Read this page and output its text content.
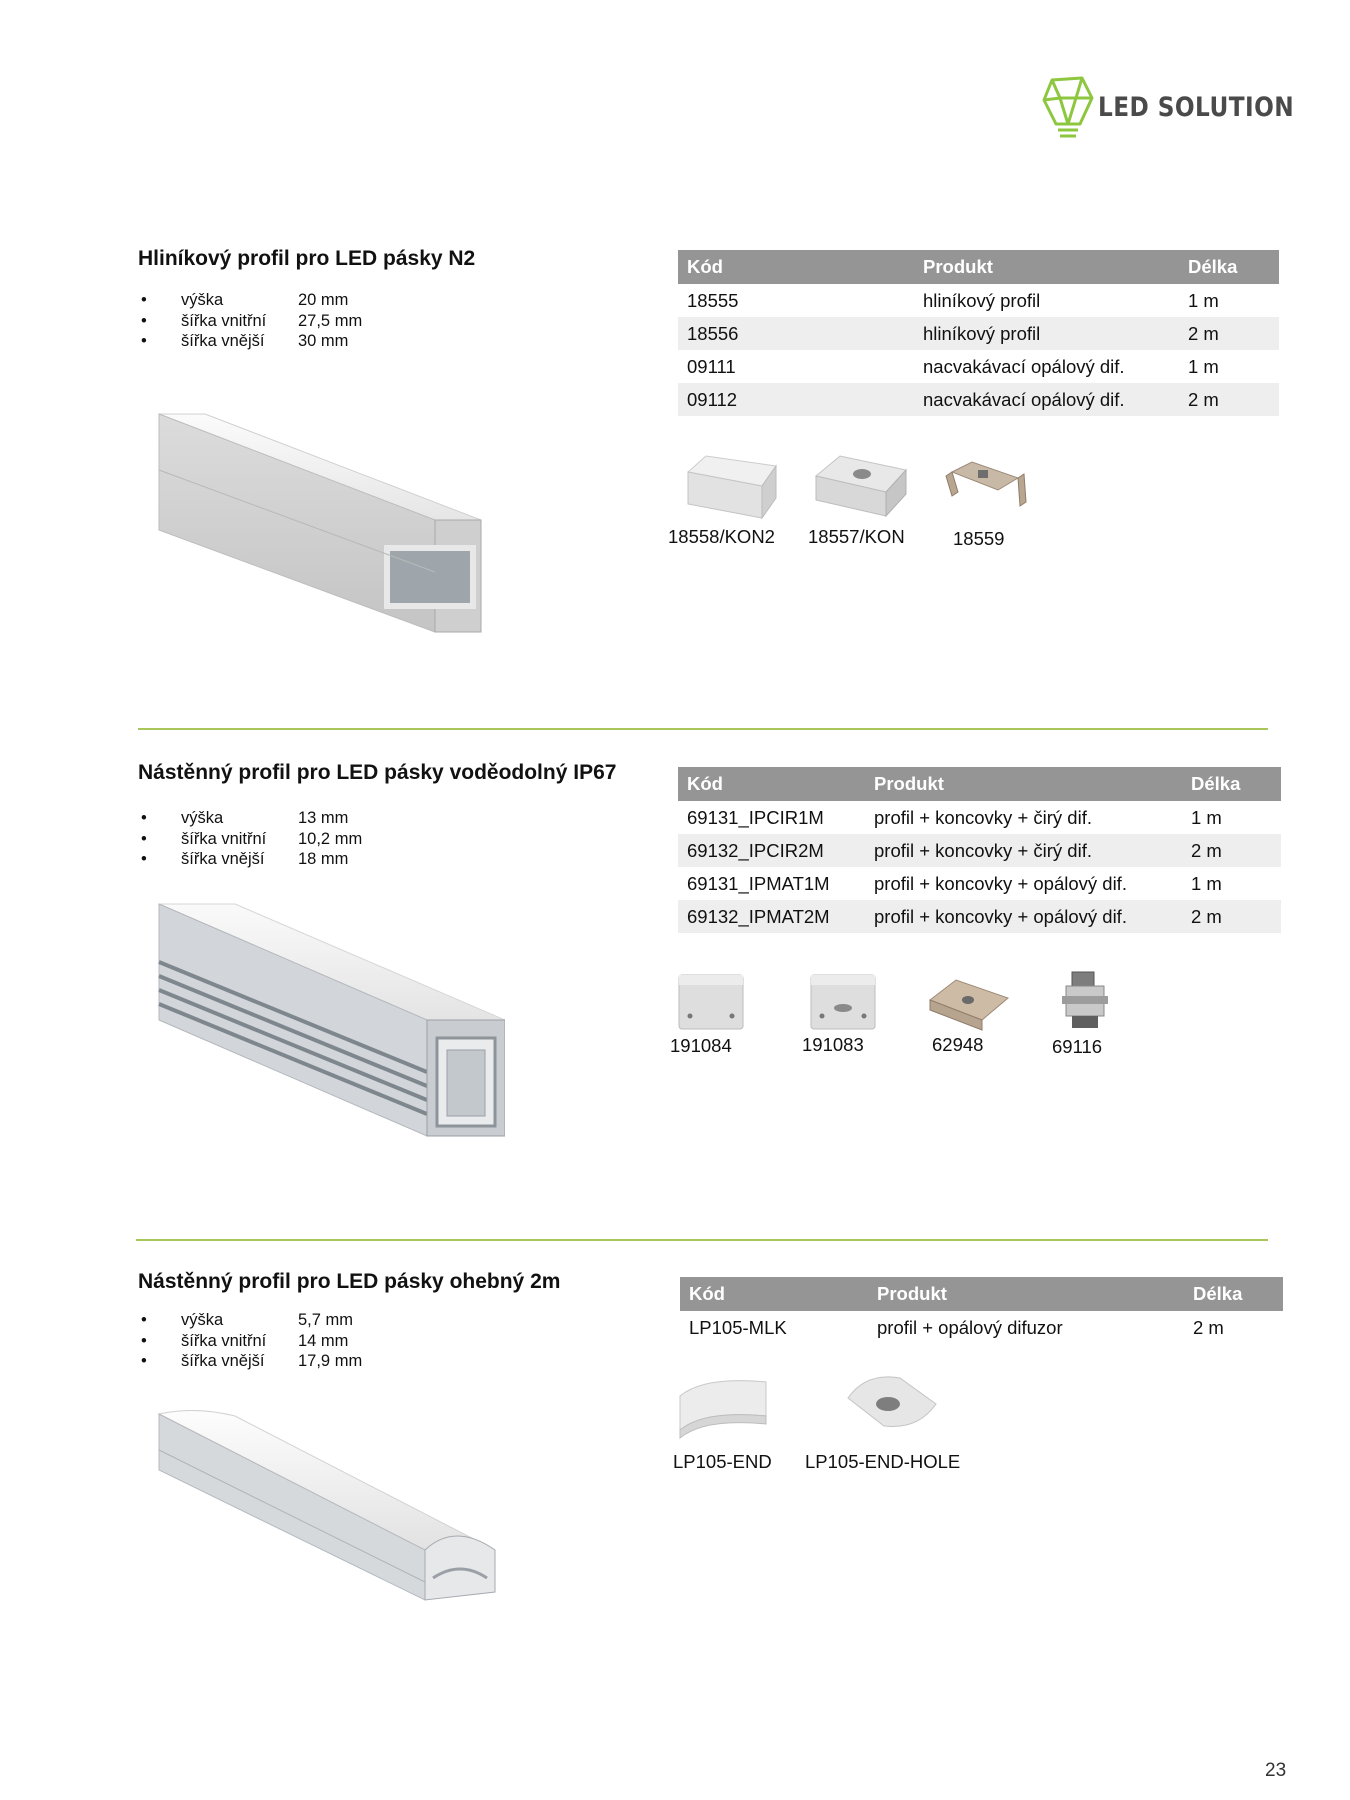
LED SOLUTION
Hliníkový profil pro LED pásky N2
•	výška	20 mm
•	šířka vnitřní	27,5 mm
•	šířka vnější	30 mm
Kód	Produkt	Délka
18555	hliníkový profil	1 m
18556	hliníkový profil	2 m
09111	nacvakávací opálový dif.	1 m
09112	nacvakávací opálový dif.	2 m
18558/KON2 18557/KON	18559
Nástěnný profil pro LED pásky voděodolný IP67
•	výška	13 mm
•	šířka vnitřní	10,2 mm
•	šířka vnější	18 mm
Kód	Produkt	Délka
69131_IPCIR1M	profil + koncovky + čirý dif.	1 m
69132_IPCIR2M	profil + koncovky + čirý dif.	2 m
69131_IPMAT1M	profil + koncovky + opálový dif.	1 m
69132_IPMAT2M	profil + koncovky + opálový dif.	2 m
191084	191083	62948	69116
Nástěnný profil pro LED pásky ohebný 2m
•	výška	5,7 mm
•	šířka vnitřní	14 mm
•	šířka vnější	17,9 mm
Kód	Produkt	Délka
LP105-MLK	profil + opálový difuzor	2 m
LP105-END LP105-END-HOLE
23
